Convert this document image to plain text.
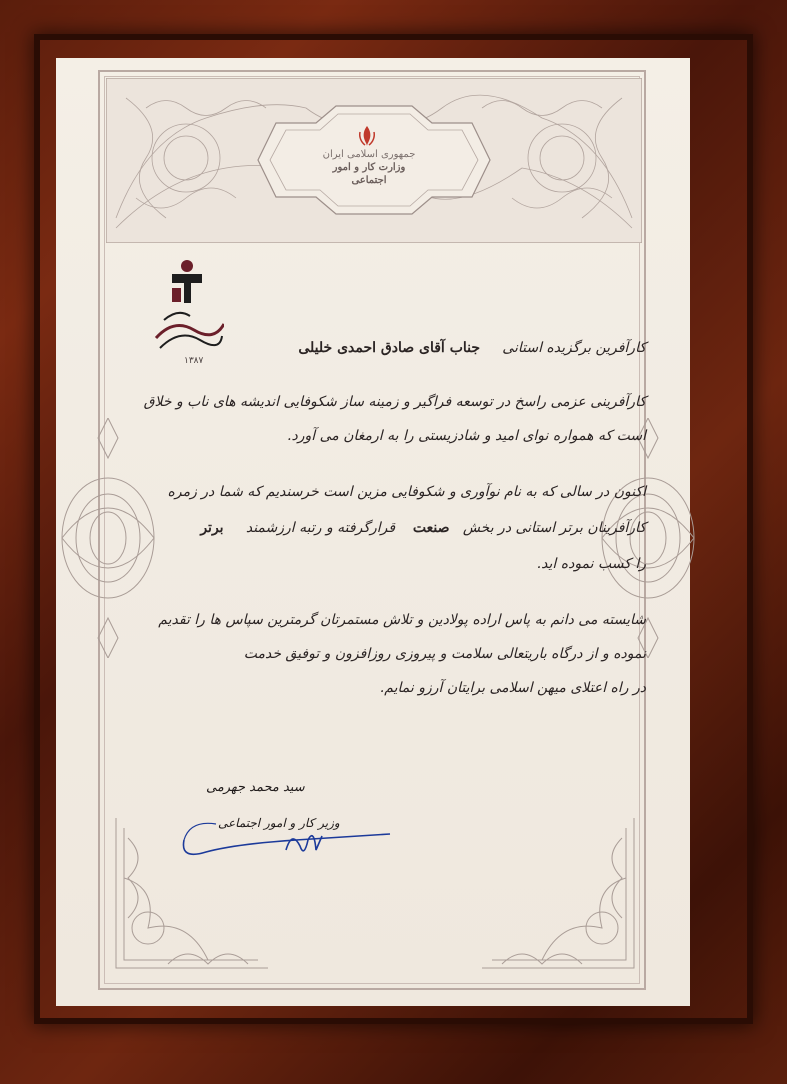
جمهوری اسلامی ایران
وزارت کار و امور اجتماعی
۱۳۸۷
کارآفرین برگزیده استانی     جناب آقای صادق احمدی خلیلی
کارآفرینی عزمی راسخ در توسعه فراگیر و زمینه ساز شکوفایی اندیشه های ناب و خلاق
است که همواره نوای امید و شادزیستی را به ارمغان می آورد.
اکنون در سالی که به نام نوآوری و شکوفایی مزین است خرسندیم که شما در زمره
کارآفرینان برتر استانی در بخش   صنعت    قرارگرفته و رتبه ارزشمند     برتر
را کسب نموده اید.
شایسته می دانم به پاس اراده پولادین و تلاش مستمرتان گرمترین سپاس ها را تقدیم
نموده و از درگاه باریتعالی سلامت و پیروزی روزافزون و توفیق خدمت
در راه اعتلای میهن اسلامی برایتان آرزو نمایم.
سید محمد جهرمی
وزیر کار و امور اجتماعی
